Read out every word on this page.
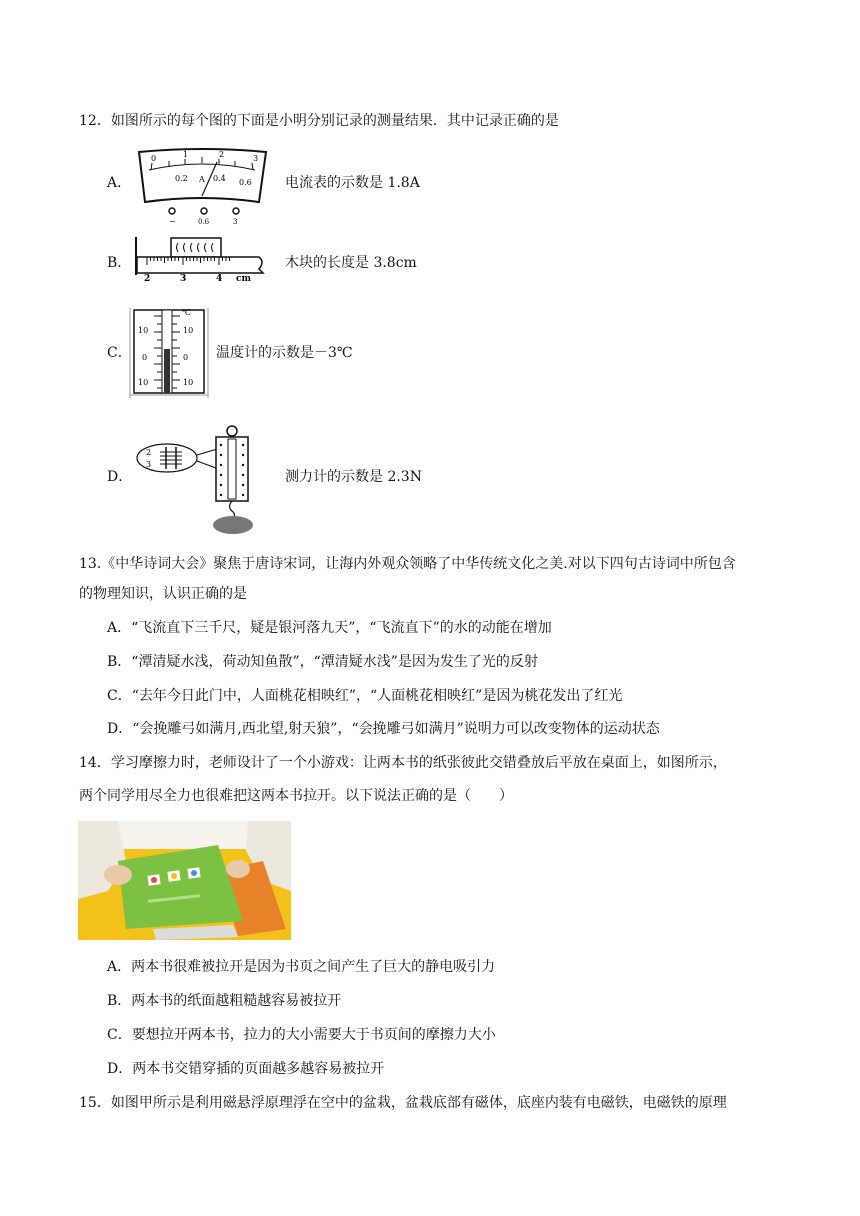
12．如图所示的每个图的下面是小明分别记录的测量结果．其中记录正确的是
A．
0	1	2	3
0.2 A 0.4 0.6
−	0.6	3
电流表的示数是 1.8A
B．
2	3	4 cm
木块的长度是 3.8cm
C．
℃
10
0
10
10
0
10
温度计的示数是－3℃
D．
2
3
测力计的示数是 2.3N
13.《中华诗词大会》聚焦于唐诗宋词，让海内外观众领略了中华传统文化之美.对以下四句古诗词中所包含
的物理知识，认识正确的是
A．“飞流直下三千尺，疑是银河落九天”，“飞流直下”的水的动能在增加
B．“潭清疑水浅，荷动知鱼散”，“潭清疑水浅”是因为发生了光的反射
C．“去年今日此门中，人面桃花相映红”，“人面桃花相映红”是因为桃花发出了红光
D．“会挽雕弓如满月,西北望,射天狼”，“会挽雕弓如满月”说明力可以改变物体的运动状态
14．学习摩擦力时，老师设计了一个小游戏：让两本书的纸张彼此交错叠放后平放在桌面上，如图所示，
两个同学用尽全力也很难把这两本书拉开。以下说法正确的是（　　）
A．两本书很难被拉开是因为书页之间产生了巨大的静电吸引力
B．两本书的纸面越粗糙越容易被拉开
C．要想拉开两本书，拉力的大小需要大于书页间的摩擦力大小
D．两本书交错穿插的页面越多越容易被拉开
15．如图甲所示是利用磁悬浮原理浮在空中的盆栽，盆栽底部有磁体，底座内装有电磁铁，电磁铁的原理
